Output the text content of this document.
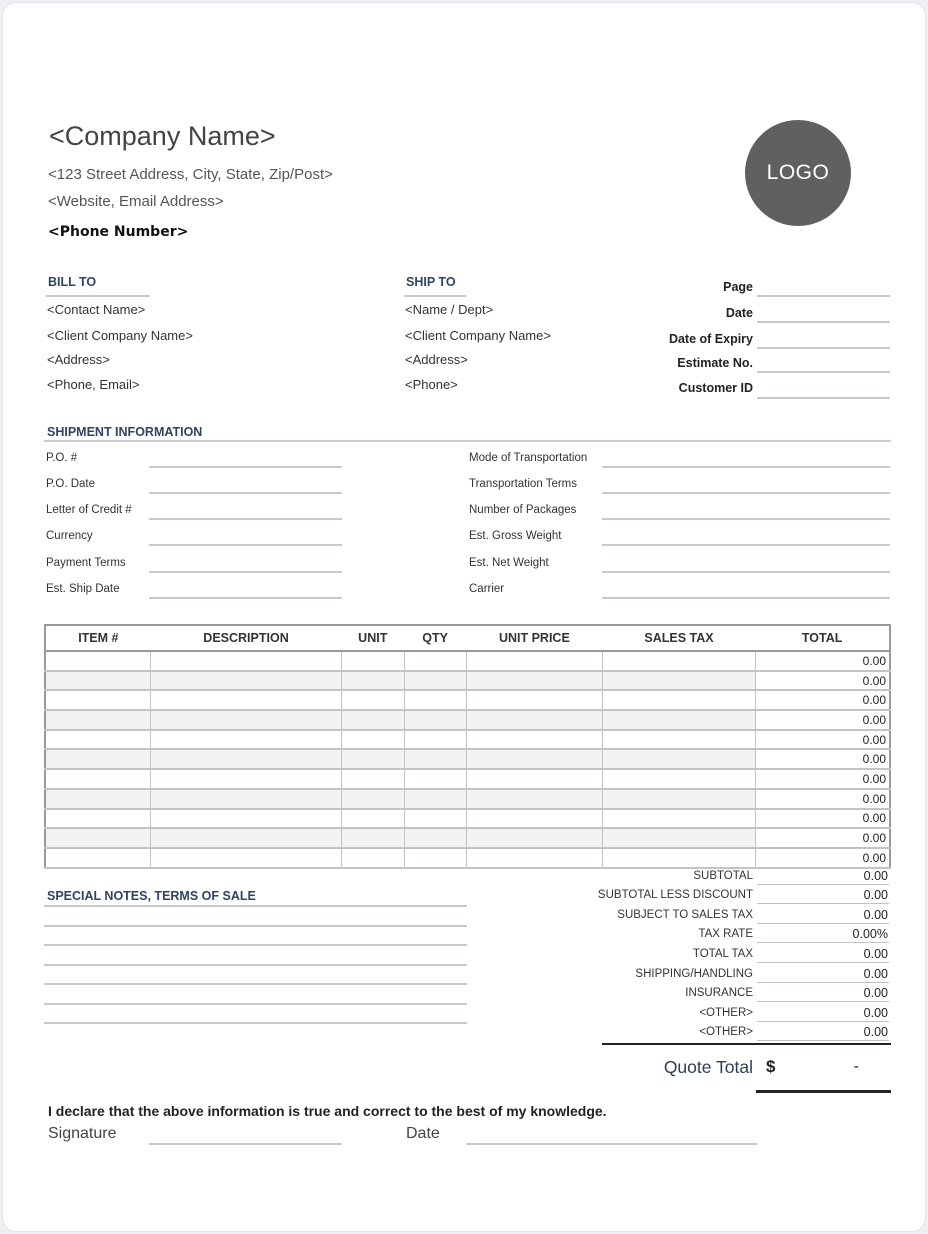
<Company Name>
<123 Street Address, City, State, Zip/Post>
<Website, Email Address>
<Phone Number>
LOGO
BILL TO
<Contact Name>
<Client Company Name>
<Address>
<Phone, Email>
SHIP TO
<Name / Dept>
<Client Company Name>
<Address>
<Phone>
Page
Date
Date of Expiry
Estimate No.
Customer ID
SHIPMENT INFORMATION
P.O. #
P.O. Date
Letter of Credit #
Currency
Payment Terms
Est. Ship Date
Mode of Transportation
Transportation Terms
Number of Packages
Est. Gross Weight
Est. Net Weight
Carrier
ITEM #	DESCRIPTION	UNIT	QTY	UNIT PRICE	SALES TAX	TOTAL
						0.00
						0.00
						0.00
						0.00
						0.00
						0.00
						0.00
						0.00
						0.00
						0.00
						0.00
SPECIAL NOTES, TERMS OF SALE
SUBTOTAL	0.00
SUBTOTAL LESS DISCOUNT	0.00
SUBJECT TO SALES TAX	0.00
TAX RATE	0.00%
TOTAL TAX	0.00
SHIPPING/HANDLING	0.00
INSURANCE	0.00
<OTHER>	0.00
<OTHER>	0.00
Quote Total $	-
I declare that the above information is true and correct to the best of my knowledge.
Signature	Date
